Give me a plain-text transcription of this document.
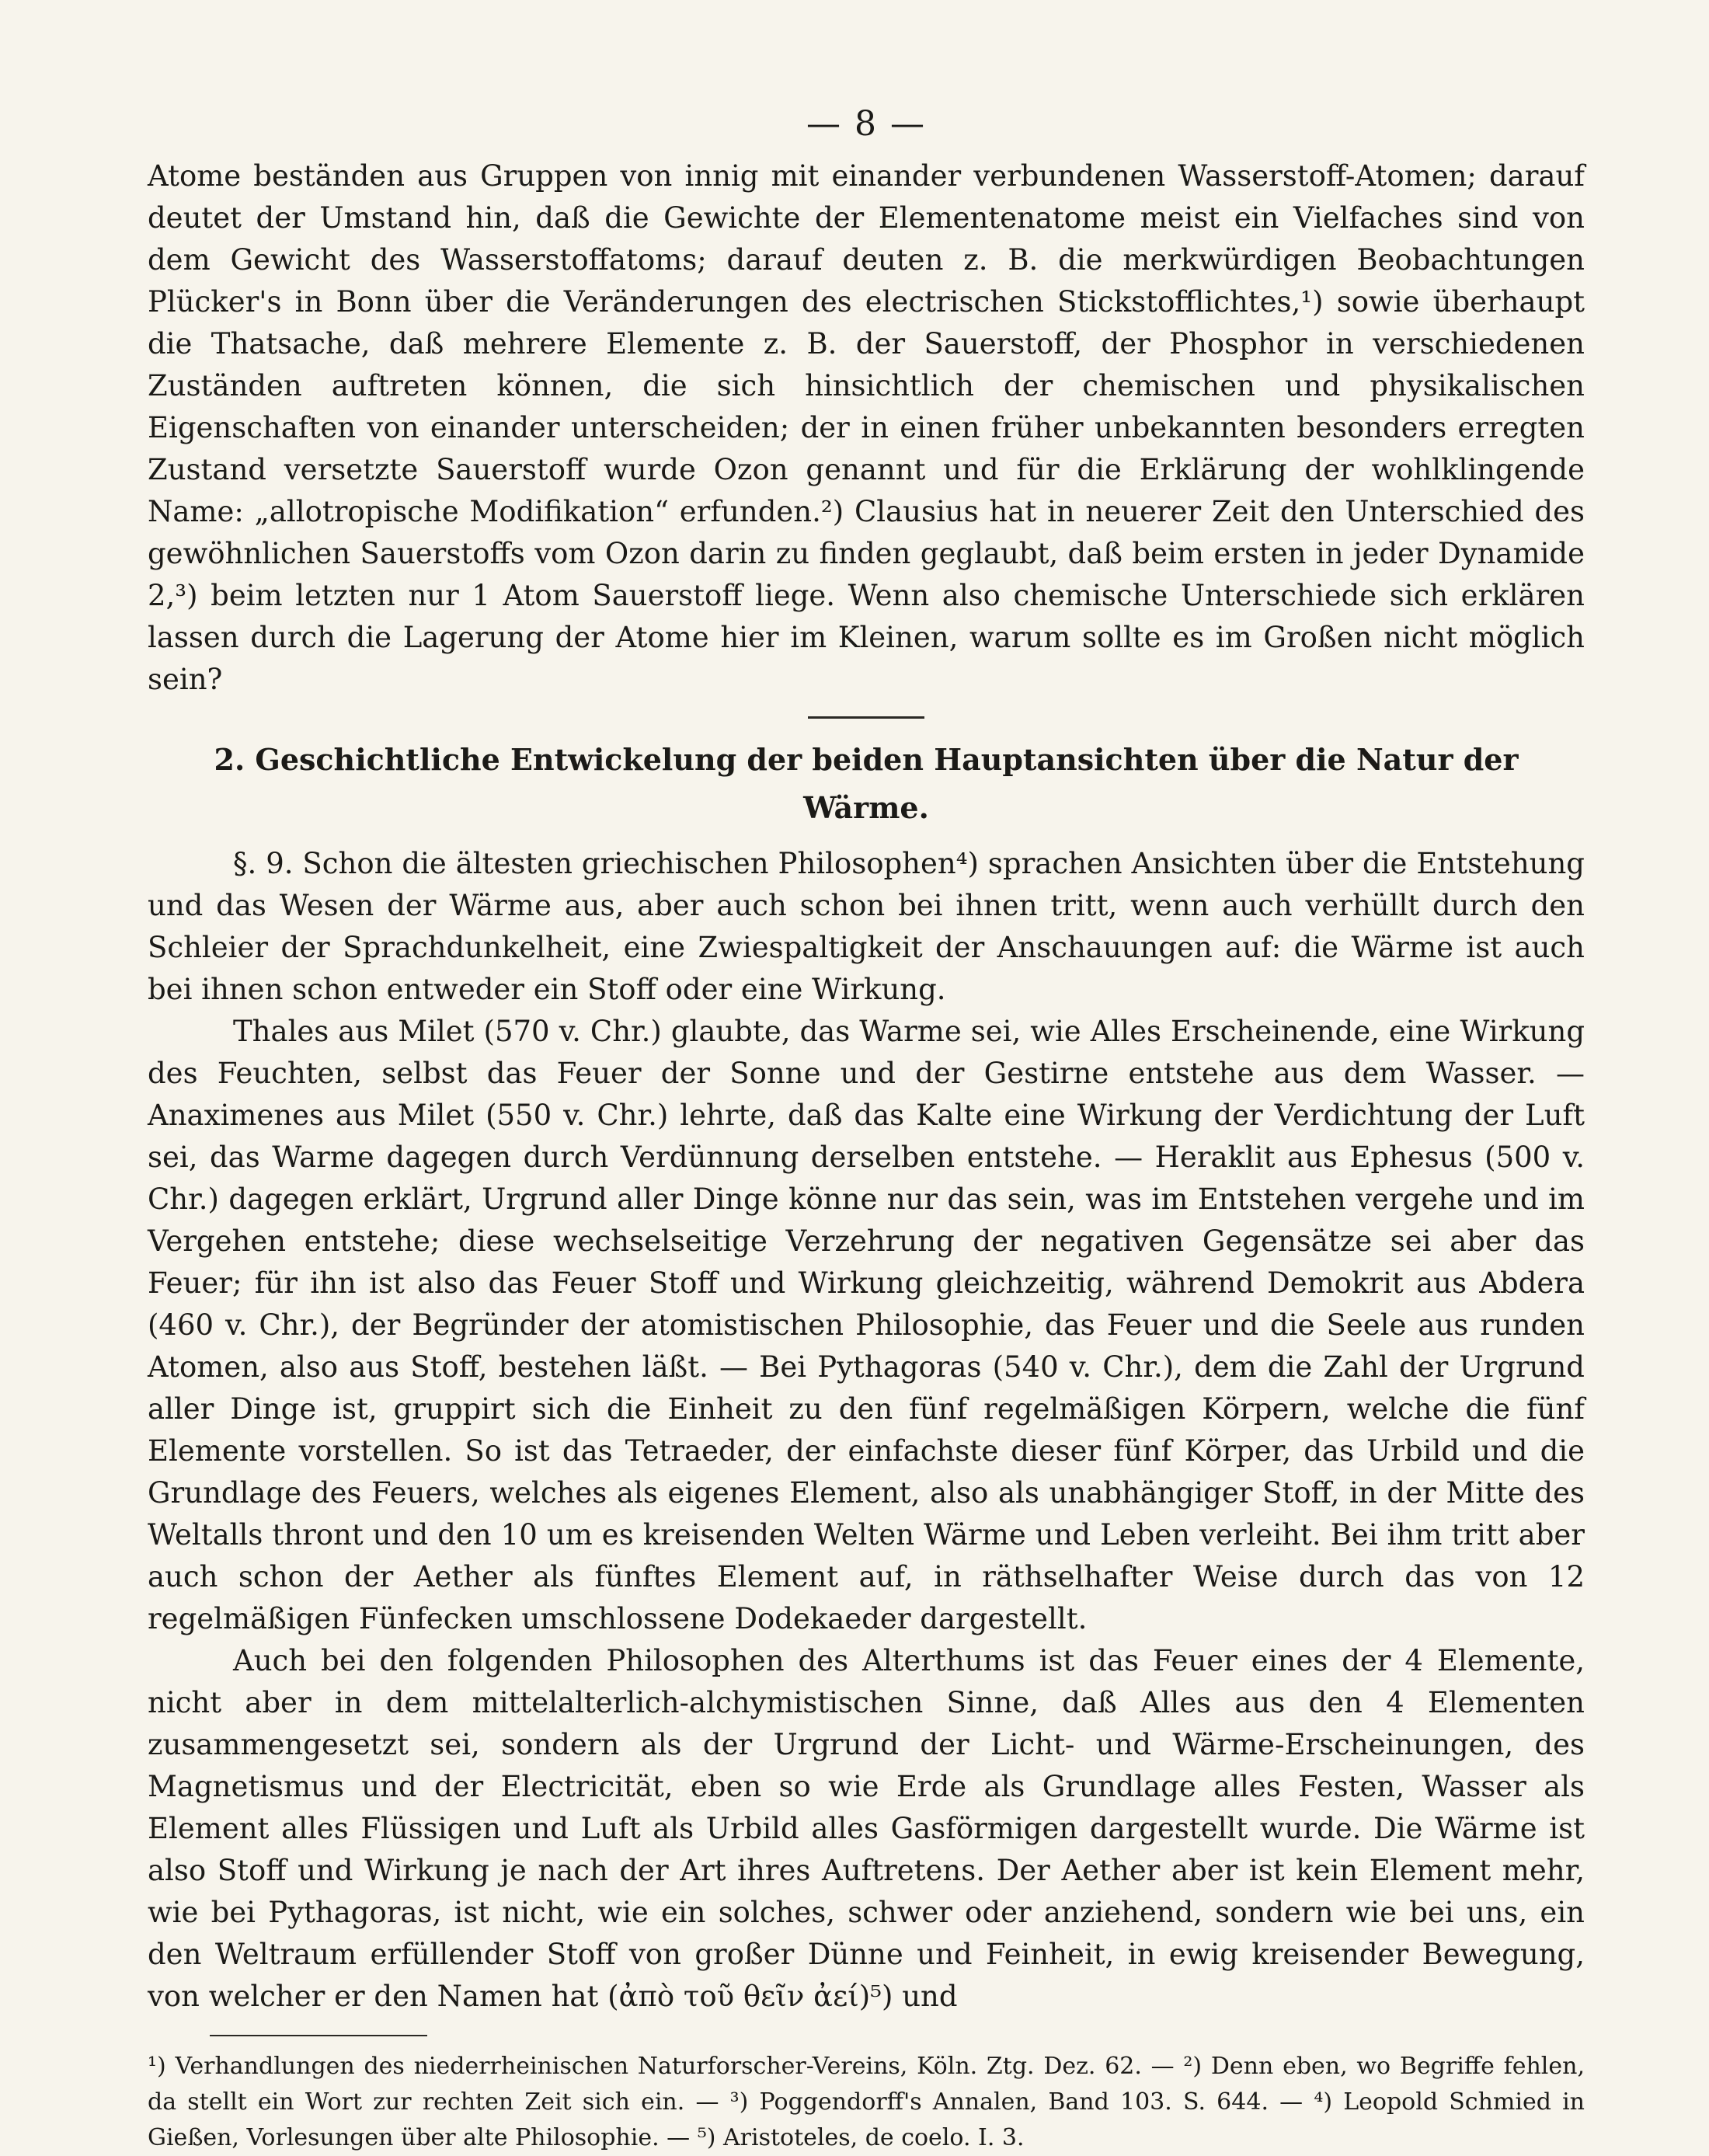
— 8 —

Atome beständen aus Gruppen von innig mit einander verbundenen Wasserstoff-Atomen; darauf deutet der Umstand hin, daß die Gewichte der Elementenatome meist ein Vielfaches sind von dem Gewicht des Wasserstoffatoms; darauf deuten z. B. die merkwürdigen Beobachtungen Plücker's in Bonn über die Veränderungen des electrischen Stickstofflichtes,¹) sowie überhaupt die Thatsache, daß mehrere Elemente z. B. der Sauerstoff, der Phosphor in verschiedenen Zuständen auftreten können, die sich hinsichtlich der chemischen und physikalischen Eigenschaften von einander unterscheiden; der in einen früher unbekannten besonders erregten Zustand versetzte Sauerstoff wurde Ozon genannt und für die Erklärung der wohlklingende Name: „allotropische Modifikation“ erfunden.²) Clausius hat in neuerer Zeit den Unterschied des gewöhnlichen Sauerstoffs vom Ozon darin zu finden geglaubt, daß beim ersten in jeder Dynamide 2,³) beim letzten nur 1 Atom Sauerstoff liege. Wenn also chemische Unterschiede sich erklären lassen durch die Lagerung der Atome hier im Kleinen, warum sollte es im Großen nicht möglich sein?

2. Geschichtliche Entwickelung der beiden Hauptansichten über die Natur der Wärme.

§. 9. Schon die ältesten griechischen Philosophen⁴) sprachen Ansichten über die Entstehung und das Wesen der Wärme aus, aber auch schon bei ihnen tritt, wenn auch verhüllt durch den Schleier der Sprachdunkelheit, eine Zwiespaltigkeit der Anschauungen auf: die Wärme ist auch bei ihnen schon entweder ein Stoff oder eine Wirkung.

Thales aus Milet (570 v. Chr.) glaubte, das Warme sei, wie Alles Erscheinende, eine Wirkung des Feuchten, selbst das Feuer der Sonne und der Gestirne entstehe aus dem Wasser. — Anaximenes aus Milet (550 v. Chr.) lehrte, daß das Kalte eine Wirkung der Verdichtung der Luft sei, das Warme dagegen durch Verdünnung derselben entstehe. — Heraklit aus Ephesus (500 v. Chr.) dagegen erklärt, Urgrund aller Dinge könne nur das sein, was im Entstehen vergehe und im Vergehen entstehe; diese wechselseitige Verzehrung der negativen Gegensätze sei aber das Feuer; für ihn ist also das Feuer Stoff und Wirkung gleichzeitig, während Demokrit aus Abdera (460 v. Chr.), der Begründer der atomistischen Philosophie, das Feuer und die Seele aus runden Atomen, also aus Stoff, bestehen läßt. — Bei Pythagoras (540 v. Chr.), dem die Zahl der Urgrund aller Dinge ist, gruppirt sich die Einheit zu den fünf regelmäßigen Körpern, welche die fünf Elemente vorstellen. So ist das Tetraeder, der einfachste dieser fünf Körper, das Urbild und die Grundlage des Feuers, welches als eigenes Element, also als unabhängiger Stoff, in der Mitte des Weltalls thront und den 10 um es kreisenden Welten Wärme und Leben verleiht. Bei ihm tritt aber auch schon der Aether als fünftes Element auf, in räthselhafter Weise durch das von 12 regelmäßigen Fünfecken umschlossene Dodekaeder dargestellt.

Auch bei den folgenden Philosophen des Alterthums ist das Feuer eines der 4 Elemente, nicht aber in dem mittelalterlich-alchymistischen Sinne, daß Alles aus den 4 Elementen zusammengesetzt sei, sondern als der Urgrund der Licht- und Wärme-Erscheinungen, des Magnetismus und der Electricität, eben so wie Erde als Grundlage alles Festen, Wasser als Element alles Flüssigen und Luft als Urbild alles Gasförmigen dargestellt wurde. Die Wärme ist also Stoff und Wirkung je nach der Art ihres Auftretens. Der Aether aber ist kein Element mehr, wie bei Pythagoras, ist nicht, wie ein solches, schwer oder anziehend, sondern wie bei uns, ein den Weltraum erfüllender Stoff von großer Dünne und Feinheit, in ewig kreisender Bewegung, von welcher er den Namen hat (ἀπὸ τοῦ θεῖν ἀεί)⁵) und

¹) Verhandlungen des niederrheinischen Naturforscher-Vereins, Köln. Ztg. Dez. 62. — ²) Denn eben, wo Begriffe fehlen, da stellt ein Wort zur rechten Zeit sich ein. — ³) Poggendorff's Annalen, Band 103. S. 644. — ⁴) Leopold Schmied in Gießen, Vorlesungen über alte Philosophie. — ⁵) Aristoteles, de coelo. I. 3.
